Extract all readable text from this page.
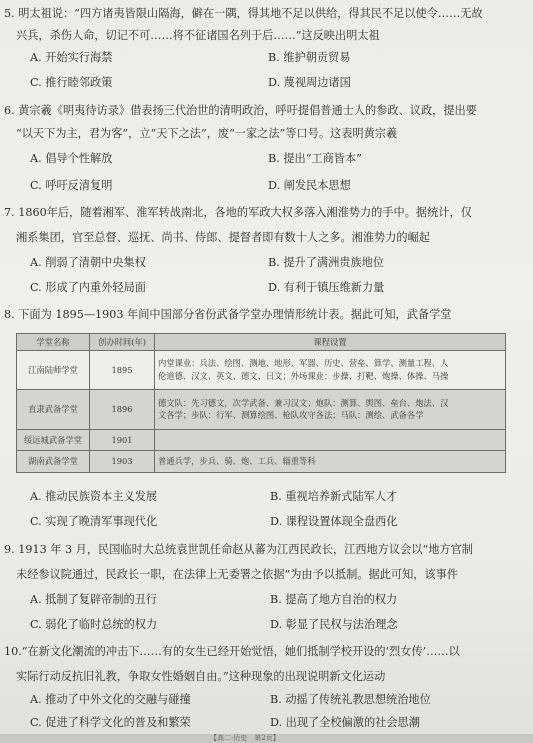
5. 明太祖说：“四方诸夷皆限山隔海，僻在一隅，得其地不足以供给，得其民不足以使令……无故
兴兵，杀伤人命，切记不可……将不征诸国名列于后……”这反映出明太祖
A. 开始实行海禁	B. 维护朝贡贸易
C. 推行睦邻政策	D. 蔑视周边诸国
6. 黄宗羲《明夷待访录》借表扬三代治世的清明政治，呼吁提倡普通士人的参政、议政，提出要
“以天下为主，君为客”，立“天下之法”，废“一家之法”等口号。这表明黄宗羲
A. 倡导个性解放	B. 提出“工商皆本”
C. 呼吁反清复明	D. 阐发民本思想
7. 1860年后，随着湘军、淮军转战南北，各地的军政大权多落入湘淮势力的手中。据统计，仅
湘系集团，官至总督、巡抚、尚书、侍郎、提督者即有数十人之多。湘淮势力的崛起
A. 削弱了清朝中央集权	B. 提升了满洲贵族地位
C. 形成了内重外轻局面	D. 有利于镇压维新力量
8. 下面为 1895—1903 年间中国部分省份武备学堂办理情形统计表。据此可知，武备学堂
学堂名称	创办时间(年)	课程设置
江南陆师学堂	1895	内堂课业：兵法、绘图、测地、地形、军器、历史、营垒、算学、测量工程、人
伦道德、汉文、英文、德文、日文；外场课业：步操、打靶、炮操、体操、马操

直隶武备学堂	1896	德文队：先习德文，次学武备、兼习汉文；炮队：测算、舆图、垒台、炮法、汉
文各学；步队：行军、测算绘图、枪队攻守各法；马队：测绘、武备各学

绥远城武备学堂	1901	
湖南武备学堂	1903	普通兵学，步兵、骑、炮、工兵、辎重等科
A. 推动民族资本主义发展	B. 重视培养新式陆军人才
C. 实现了晚清军事现代化	D. 课程设置体现全盘西化
9. 1913 年 3 月，民国临时大总统袁世凯任命赵从蕃为江西民政长，江西地方议会以“地方官制
未经参议院通过，民政长一职，在法律上无委署之依据”为由予以抵制。据此可知，该事件
A. 抵制了复辟帝制的丑行	B. 提高了地方自治的权力
C. 弱化了临时总统的权力	D. 彰显了民权与法治理念
10.“在新文化潮流的冲击下……有的女生已经开始觉悟，她们抵制学校开设的‘烈女传’……以
实际行动反抗旧礼教，争取女性婚姻自由。”这种现象的出现说明新文化运动
A. 推动了中外文化的交融与碰撞	B. 动摇了传统礼教思想统治地位
C. 促进了科学文化的普及和繁荣	D. 出现了全校偏激的社会思潮
【高二·历史　第2页】
